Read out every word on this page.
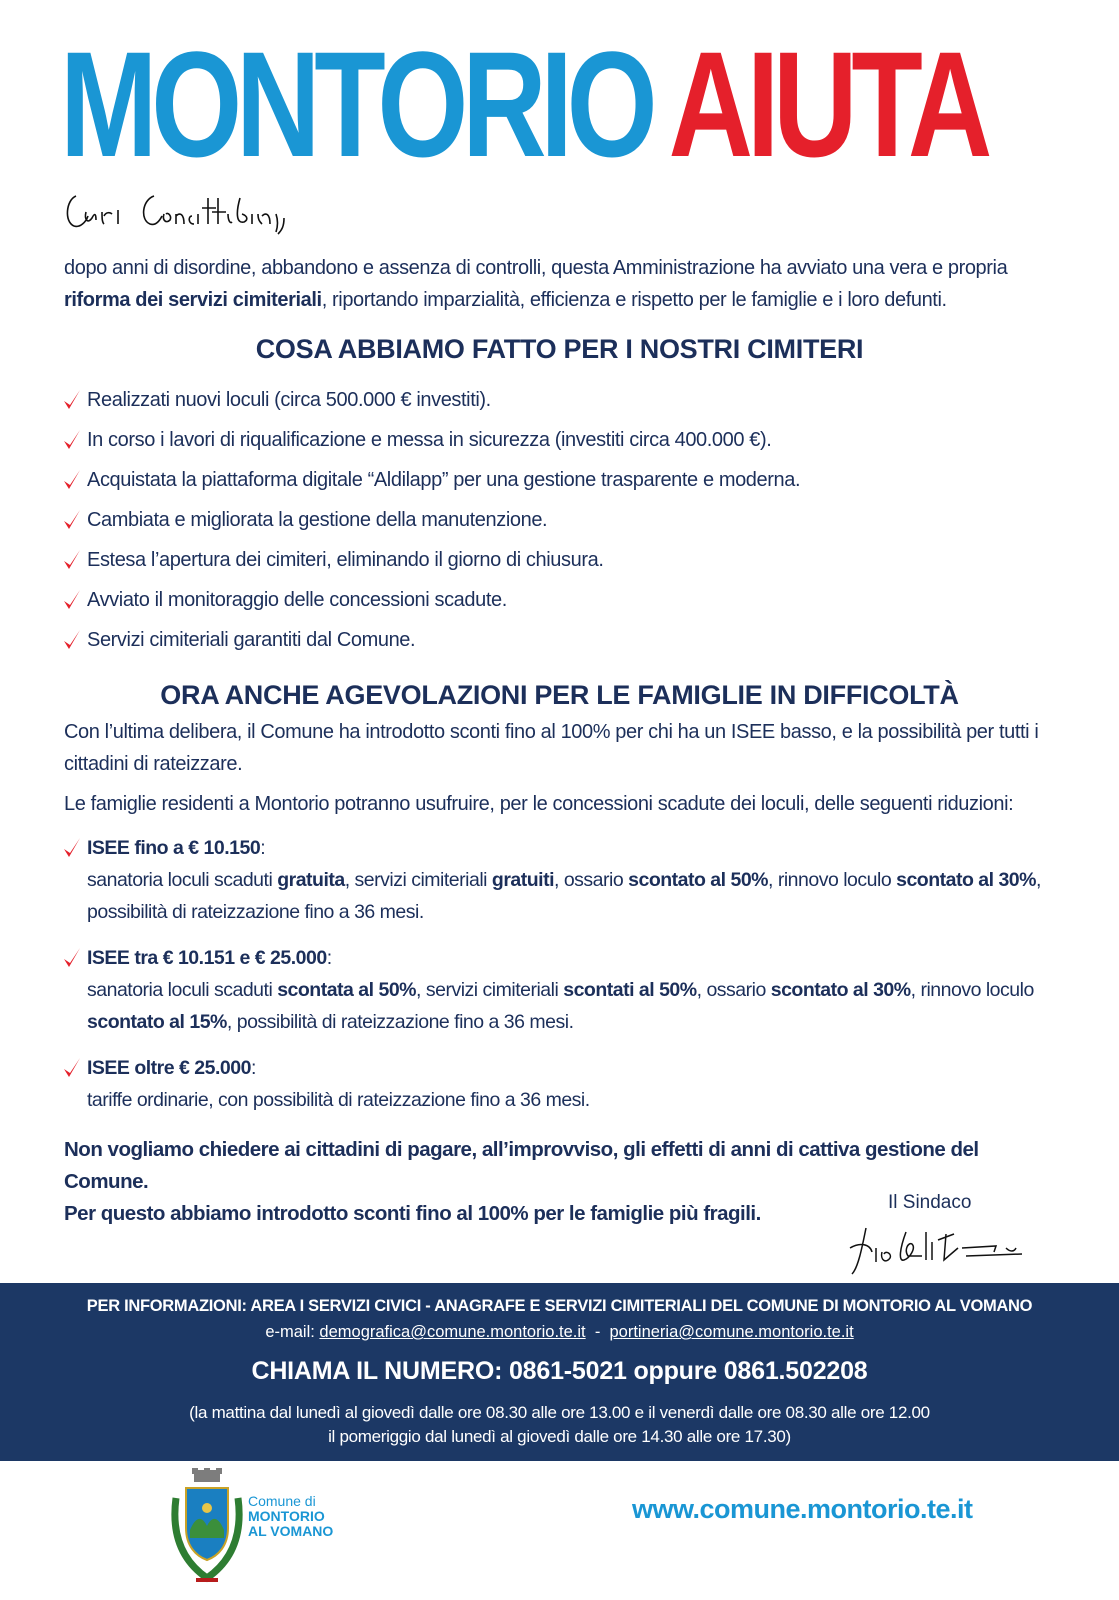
MONTORIO AIUTA
dopo anni di disordine, abbandono e assenza di controlli, questa Amministrazione ha avviato una vera e propria riforma dei servizi cimiteriali, riportando imparzialità, efficienza e rispetto per le famiglie e i loro defunti.
COSA ABBIAMO FATTO PER I NOSTRI CIMITERI
Realizzati nuovi loculi (circa 500.000 € investiti).
In corso i lavori di riqualificazione e messa in sicurezza (investiti circa 400.000 €).
Acquistata la piattaforma digitale “Aldilapp” per una gestione trasparente e moderna.
Cambiata e migliorata la gestione della manutenzione.
Estesa l’apertura dei cimiteri, eliminando il giorno di chiusura.
Avviato il monitoraggio delle concessioni scadute.
Servizi cimiteriali garantiti dal Comune.
ORA ANCHE AGEVOLAZIONI PER LE FAMIGLIE IN DIFFICOLTÀ

Con l’ultima delibera, il Comune ha introdotto sconti fino al 100% per chi ha un ISEE basso, e la possibilità per tutti i cittadini di rateizzare.

Le famiglie residenti a Montorio potranno usufruire, per le concessioni scadute dei loculi, delle seguenti riduzioni:

ISEE fino a € 10.150 :
sanatoria loculi scaduti gratuita, servizi cimiteriali gratuiti, ossario scontato al 50%, rinnovo loculo scontato al 30%, possibilità di rateizzazione fino a 36 mesi.
ISEE tra € 10.151 e € 25.000 :
sanatoria loculi scaduti scontata al 50%, servizi cimiteriali scontati al 50%, ossario scontato al 30%, rinnovo loculo scontato al 15%, possibilità di rateizzazione fino a 36 mesi.
ISEE oltre € 25.000 :
tariffe ordinarie, con possibilità di rateizzazione fino a 36 mesi.
Non vogliamo chiedere ai cittadini di pagare, all’improvviso, gli effetti di anni di cattiva gestione del Comune.
Per questo abbiamo introdotto sconti fino al 100% per le famiglie più fragili.	Il Sindaco
PER INFORMAZIONI: AREA I SERVIZI CIVICI - ANAGRAFE E SERVIZI CIMITERIALI DEL COMUNE DI MONTORIO AL VOMANO
e-mail: demografica@comune.montorio.te.it - portineria@comune.montorio.te.it
CHIAMA IL NUMERO: 0861-5021 oppure 0861.502208
(la mattina dal lunedì al giovedì dalle ore 08.30 alle ore 13.00 e il venerdì dalle ore 08.30 alle ore 12.00
il pomeriggio dal lunedì al giovedì dalle ore 14.30 alle ore 17.30)
Comune di
MONTORIO
AL VOMANO
www.comune.montorio.te.it
